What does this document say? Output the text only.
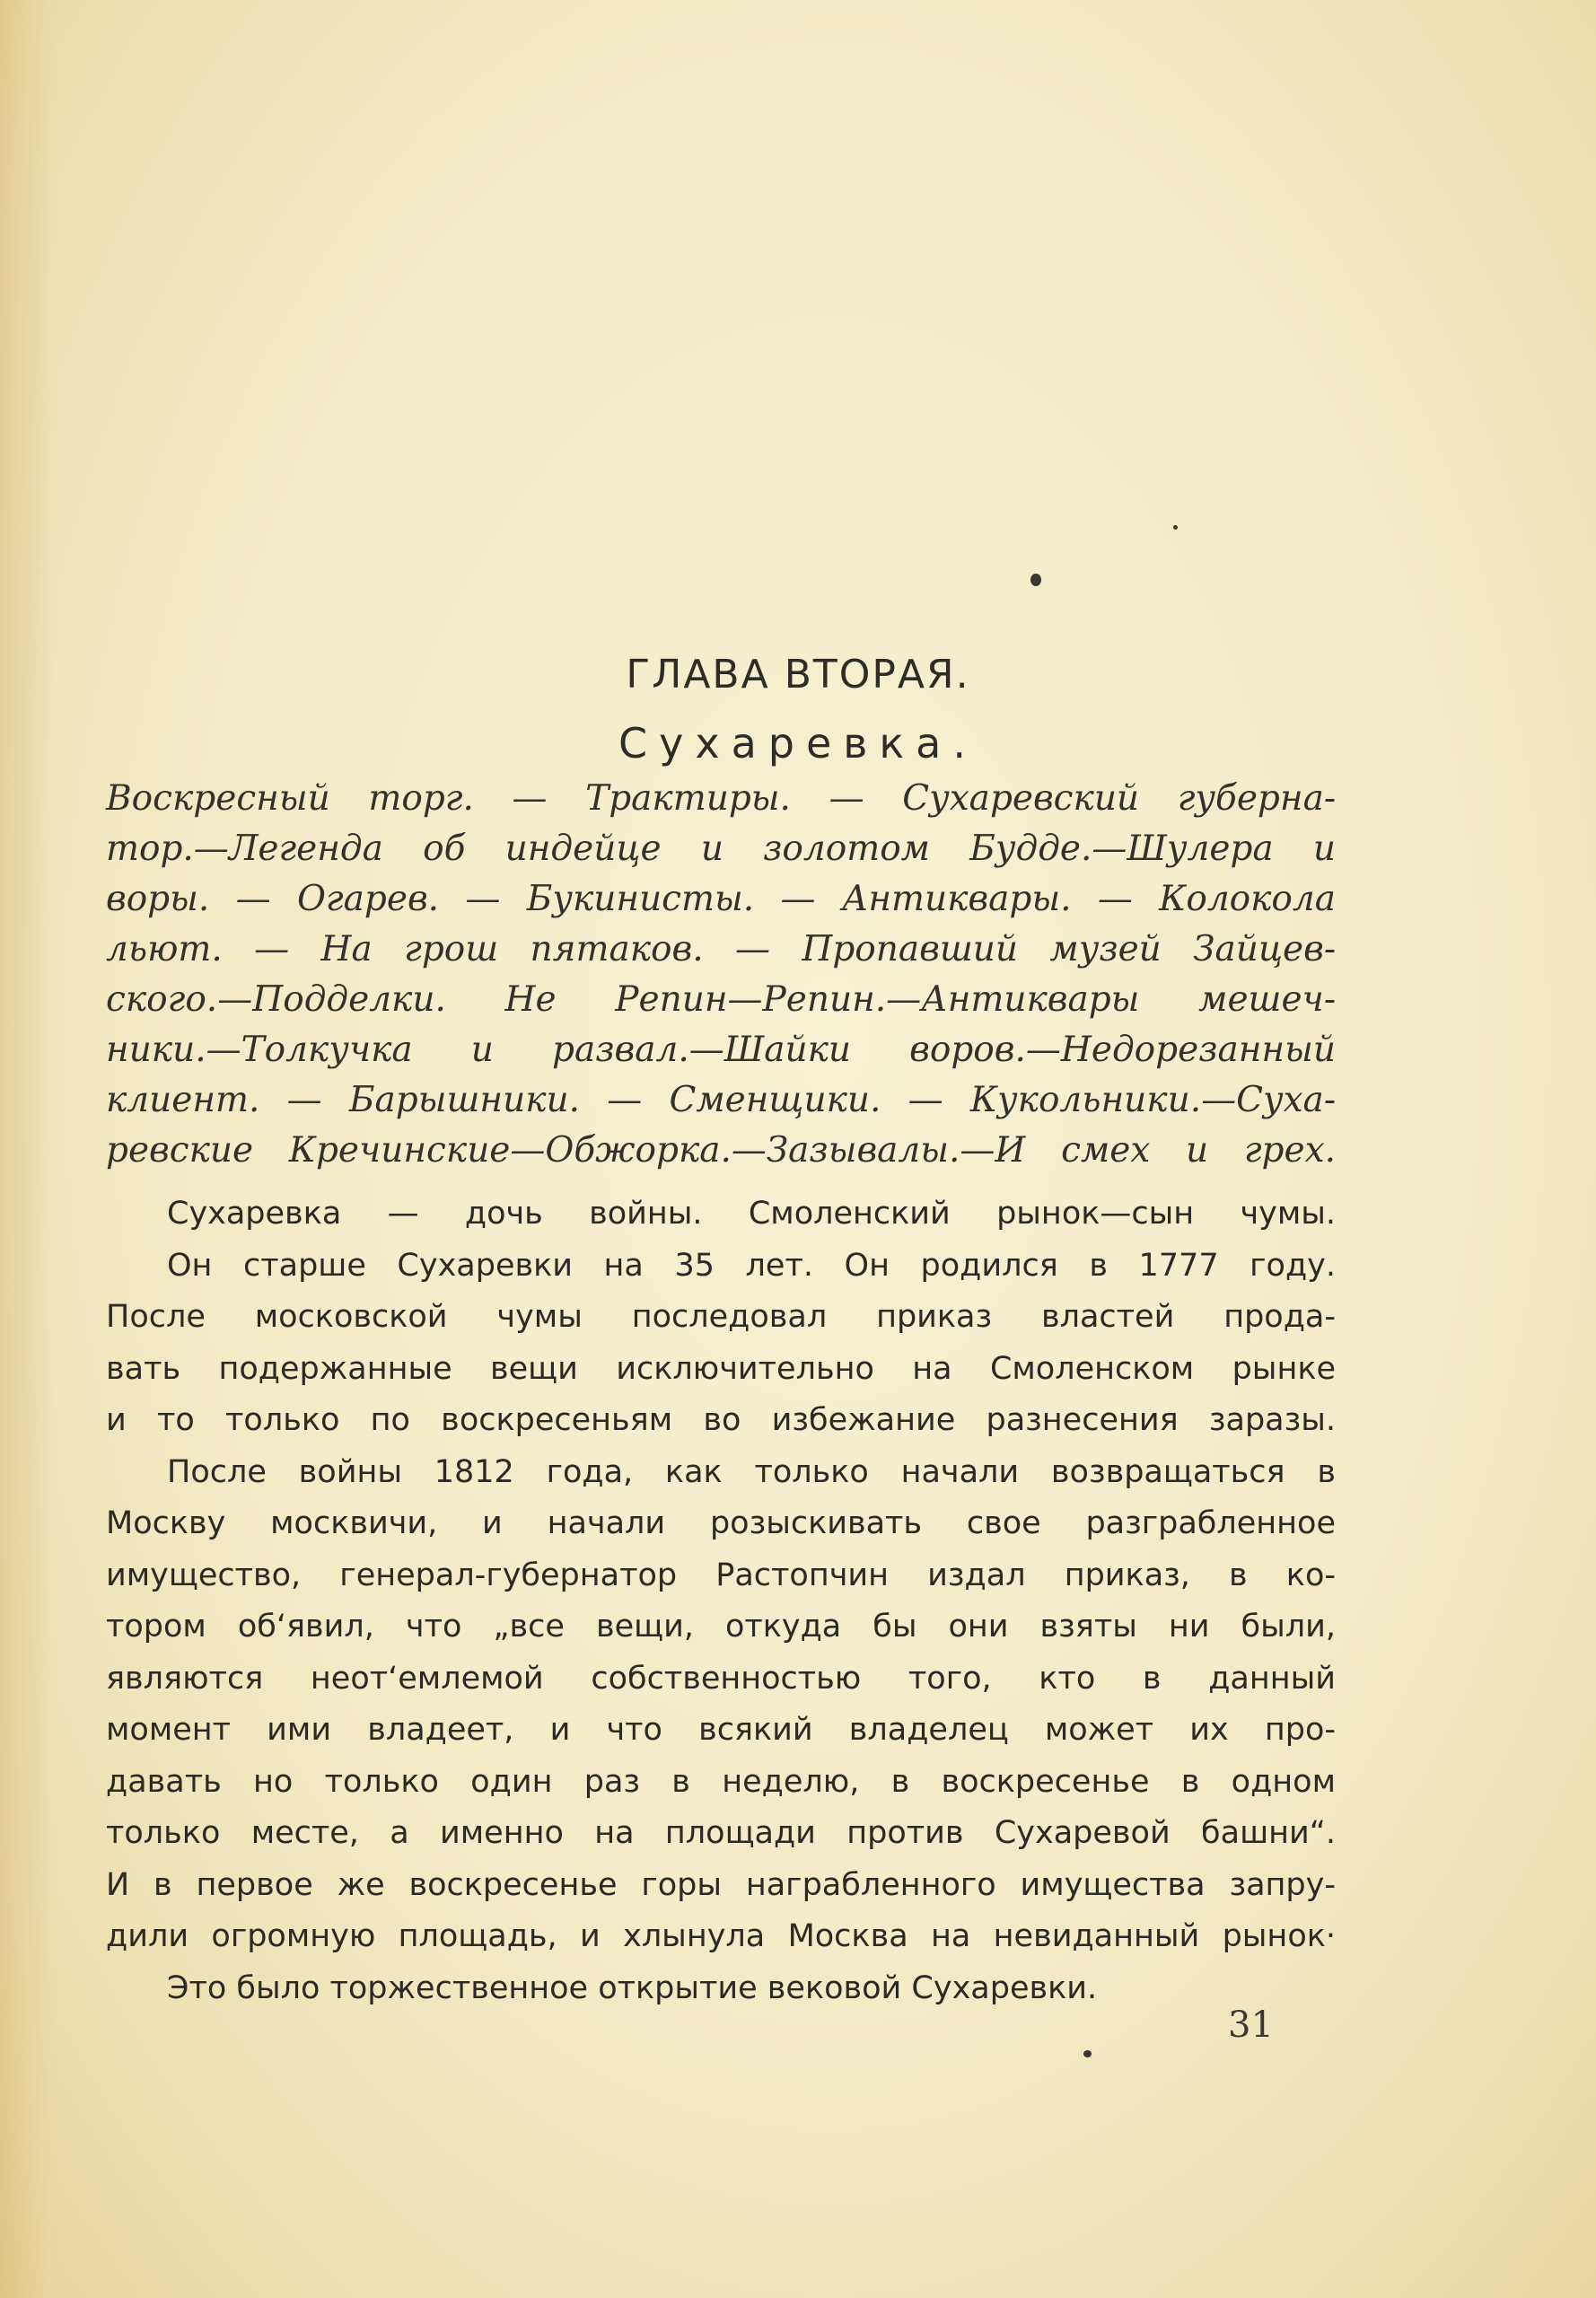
ГЛАВА ВТОРАЯ.
Сухаревка.
Воскресный торг. — Трактиры. — Сухаревский губерна-
тор.—Легенда об индейце и золотом Будде.—Шулера и
воры. — Огарев. — Букинисты. — Антиквары. — Колокола
льют. — На грош пятаков. — Пропавший музей Зайцев-
ского.—Подделки. Не Репин—Репин.—Антиквары мешеч-
ники.—Толкучка и развал.—Шайки воров.—Недорезанный
клиент. — Барышники. — Сменщики. — Кукольники.—Суха-
ревские Кречинские—Обжорка.—Зазывалы.—И смех и грех.
Сухаревка — дочь войны. Смоленский рынок—сын чумы.
Он старше Сухаревки на 35 лет. Он родился в 1777 году.
После московской чумы последовал приказ властей прода-
вать подержанные вещи исключительно на Смоленском рынке
и то только по воскресеньям во избежание разнесения заразы.
После войны 1812 года, как только начали возвращаться в
Москву москвичи, и начали розыскивать свое разграбленное
имущество, генерал-губернатор Растопчин издал приказ, в ко-
тором об‘явил, что „все вещи, откуда бы они взяты ни были,
являются неот‘емлемой собственностью того, кто в данный
момент ими владеет, и что всякий владелец может их про-
давать но только один раз в неделю, в воскресенье в одном
только месте, а именно на площади против Сухаревой башни“.
И в первое же воскресенье горы награбленного имущества запру-
дили огромную площадь, и хлынула Москва на невиданный рынок·
Это было торжественное открытие вековой Сухаревки.
31
